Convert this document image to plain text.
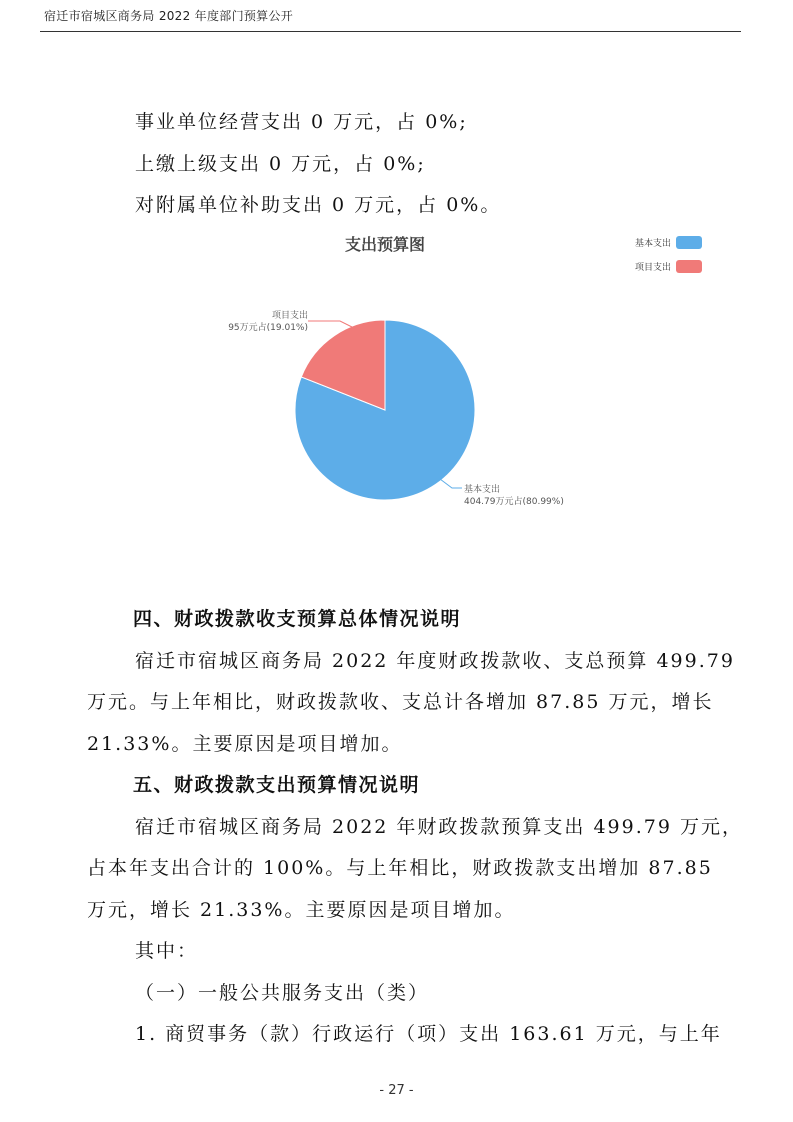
宿迁市宿城区商务局 2022 年度部门预算公开
事业单位经营支出 0 万元，占 0%;
上缴上级支出 0 万元，占 0%;
对附属单位补助支出 0 万元，占 0%。
支出预算图	基本支出
项目支出
项目支出
95万元占(19.01%)
基本支出
404.79万元占(80.99%)
四、财政拨款收支预算总体情况说明
宿迁市宿城区商务局 2022 年度财政拨款收、支总预算 499.79
万元。与上年相比，财政拨款收、支总计各增加 87.85 万元，增长
21.33%。主要原因是项目增加。
五、财政拨款支出预算情况说明
宿迁市宿城区商务局 2022 年财政拨款预算支出 499.79 万元，
占本年支出合计的 100%。与上年相比，财政拨款支出增加 87.85
万元，增长 21.33%。主要原因是项目增加。
其中：
（一）一般公共服务支出（类）
1. 商贸事务（款）行政运行（项）支出 163.61 万元，与上年
- 27 -
